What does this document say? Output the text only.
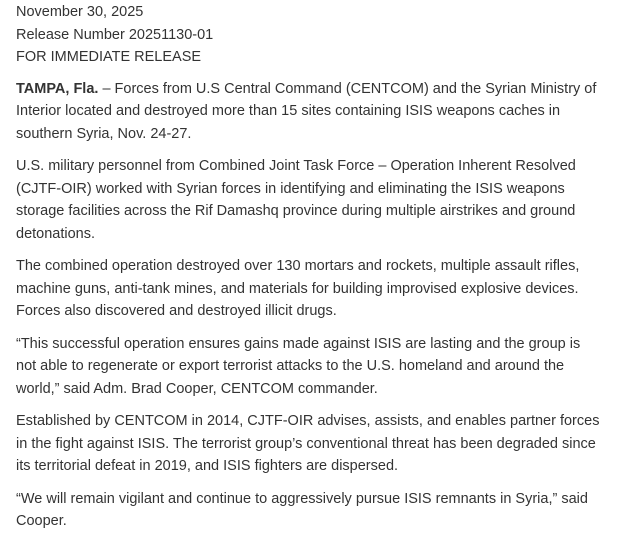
November 30, 2025
Release Number 20251130-01
FOR IMMEDIATE RELEASE

TAMPA, Fla. – Forces from U.S Central Command (CENTCOM) and the Syrian Ministry of Interior located and destroyed more than 15 sites containing ISIS weapons caches in southern Syria, Nov. 24-27.

U.S. military personnel from Combined Joint Task Force – Operation Inherent Resolved (CJTF-OIR) worked with Syrian forces in identifying and eliminating the ISIS weapons storage facilities across the Rif Damashq province during multiple airstrikes and ground detonations.

The combined operation destroyed over 130 mortars and rockets, multiple assault rifles, machine guns, anti-tank mines, and materials for building improvised explosive devices. Forces also discovered and destroyed illicit drugs.

“This successful operation ensures gains made against ISIS are lasting and the group is not able to regenerate or export terrorist attacks to the U.S. homeland and around the world,” said Adm. Brad Cooper, CENTCOM commander.

Established by CENTCOM in 2014, CJTF-OIR advises, assists, and enables partner forces in the fight against ISIS. The terrorist group’s conventional threat has been degraded since its territorial defeat in 2019, and ISIS fighters are dispersed.

“We will remain vigilant and continue to aggressively pursue ISIS remnants in Syria,” said Cooper.
